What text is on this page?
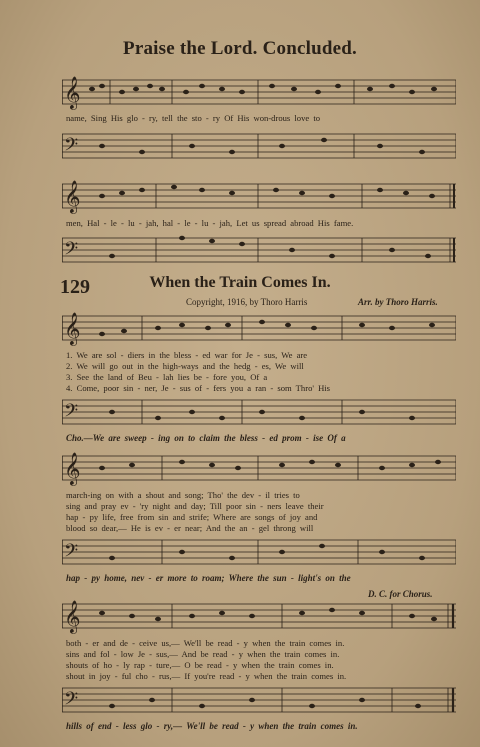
Praise the Lord. Concluded.
𝄞
name, Sing His glo - ry, tell the sto - ry Of His won-drous love to
𝄢
𝄞
men, Hal - le - lu - jah, hal - le - lu - jah, Let us spread abroad His fame.
𝄢
129	When the Train Comes In.
Copyright, 1916, by Thoro Harris	Arr. by Thoro Harris.
𝄞
1. We are sol - diers in the bless - ed war for Je - sus, We are
2. We will go out in the high-ways and the hedg - es, We will
3. See the land of Beu - lah lies be - fore you, Of a
4. Come, poor sin - ner, Je - sus of - fers you a ran - som Thro' His
𝄢
Cho.—We are sweep - ing on to claim the bless - ed prom - ise Of a
𝄞
march-ing on with a shout and song; Tho' the dev - il tries to
sing and pray ev - 'ry night and day; Till poor sin - ners leave their
hap - py life, free from sin and strife; Where are songs of joy and
blood so dear,— He is ev - er near; And the an - gel throng will
𝄢
hap - py home, nev - er more to roam; Where the sun - light's on the
D. C. for Chorus.
𝄞
both - er and de - ceive us,— We'll be read - y when the train comes in.
sins and fol - low Je - sus,— And be read - y when the train comes in.
shouts of ho - ly rap - ture,— O be read - y when the train comes in.
shout in joy - ful cho - rus,— If you're read - y when the train comes in.
𝄢
hills of end - less glo - ry,— We'll be read - y when the train comes in.
